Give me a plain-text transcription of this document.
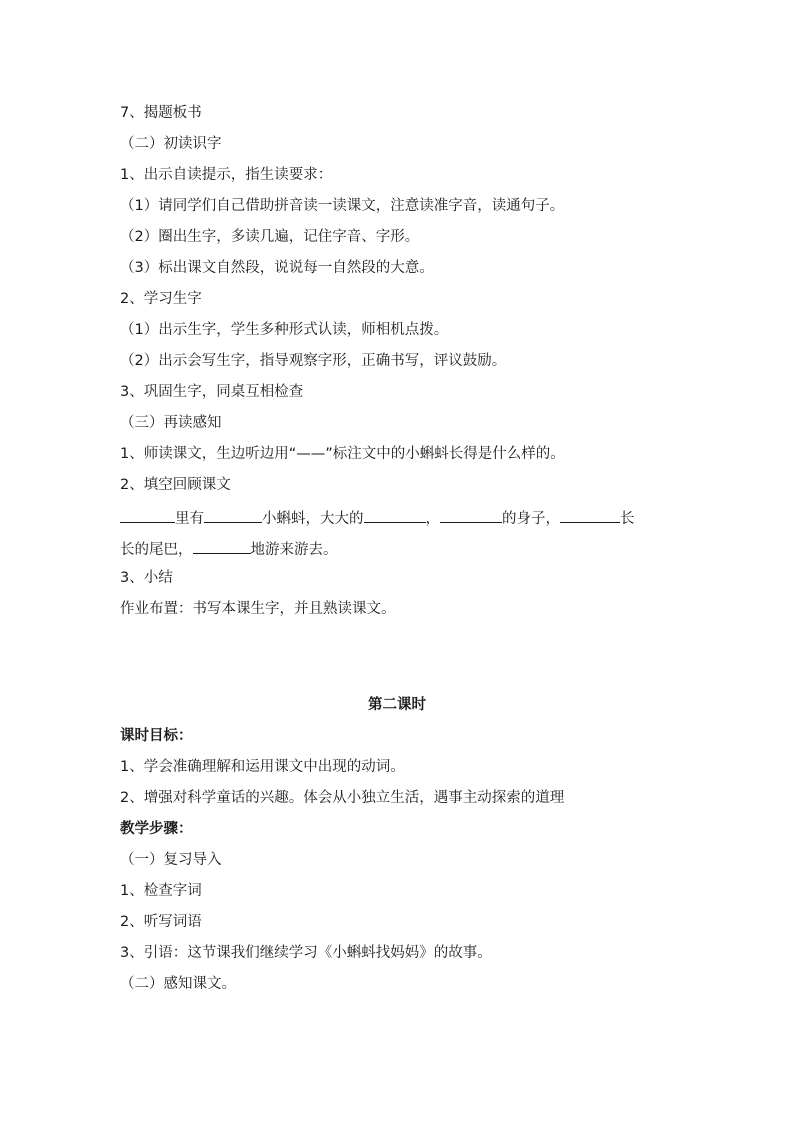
7、揭题板书
（二）初读识字
1、出示自读提示，指生读要求：
（1）请同学们自己借助拼音读一读课文，注意读准字音，读通句子。
（2）圈出生字，多读几遍，记住字音、字形。
（3）标出课文自然段，说说每一自然段的大意。
2、学习生字
（1）出示生字，学生多种形式认读，师相机点拨。
（2）出示会写生字，指导观察字形，正确书写，评议鼓励。
3、巩固生字，同桌互相检查
（三）再读感知
1、师读课文，生边听边用“——”标注文中的小蝌蚪长得是什么样的。
2、填空回顾课文
里有	小蝌蚪，大大的	，	的身子，	长
长的尾巴，	地游来游去。
3、小结
作业布置：书写本课生字，并且熟读课文。
第二课时
课时目标：
1、学会准确理解和运用课文中出现的动词。
2、增强对科学童话的兴趣。体会从小独立生活，遇事主动探索的道理
教学步骤：
（一）复习导入
1、检查字词
2、听写词语
3、引语：这节课我们继续学习《小蝌蚪找妈妈》的故事。
（二）感知课文。
